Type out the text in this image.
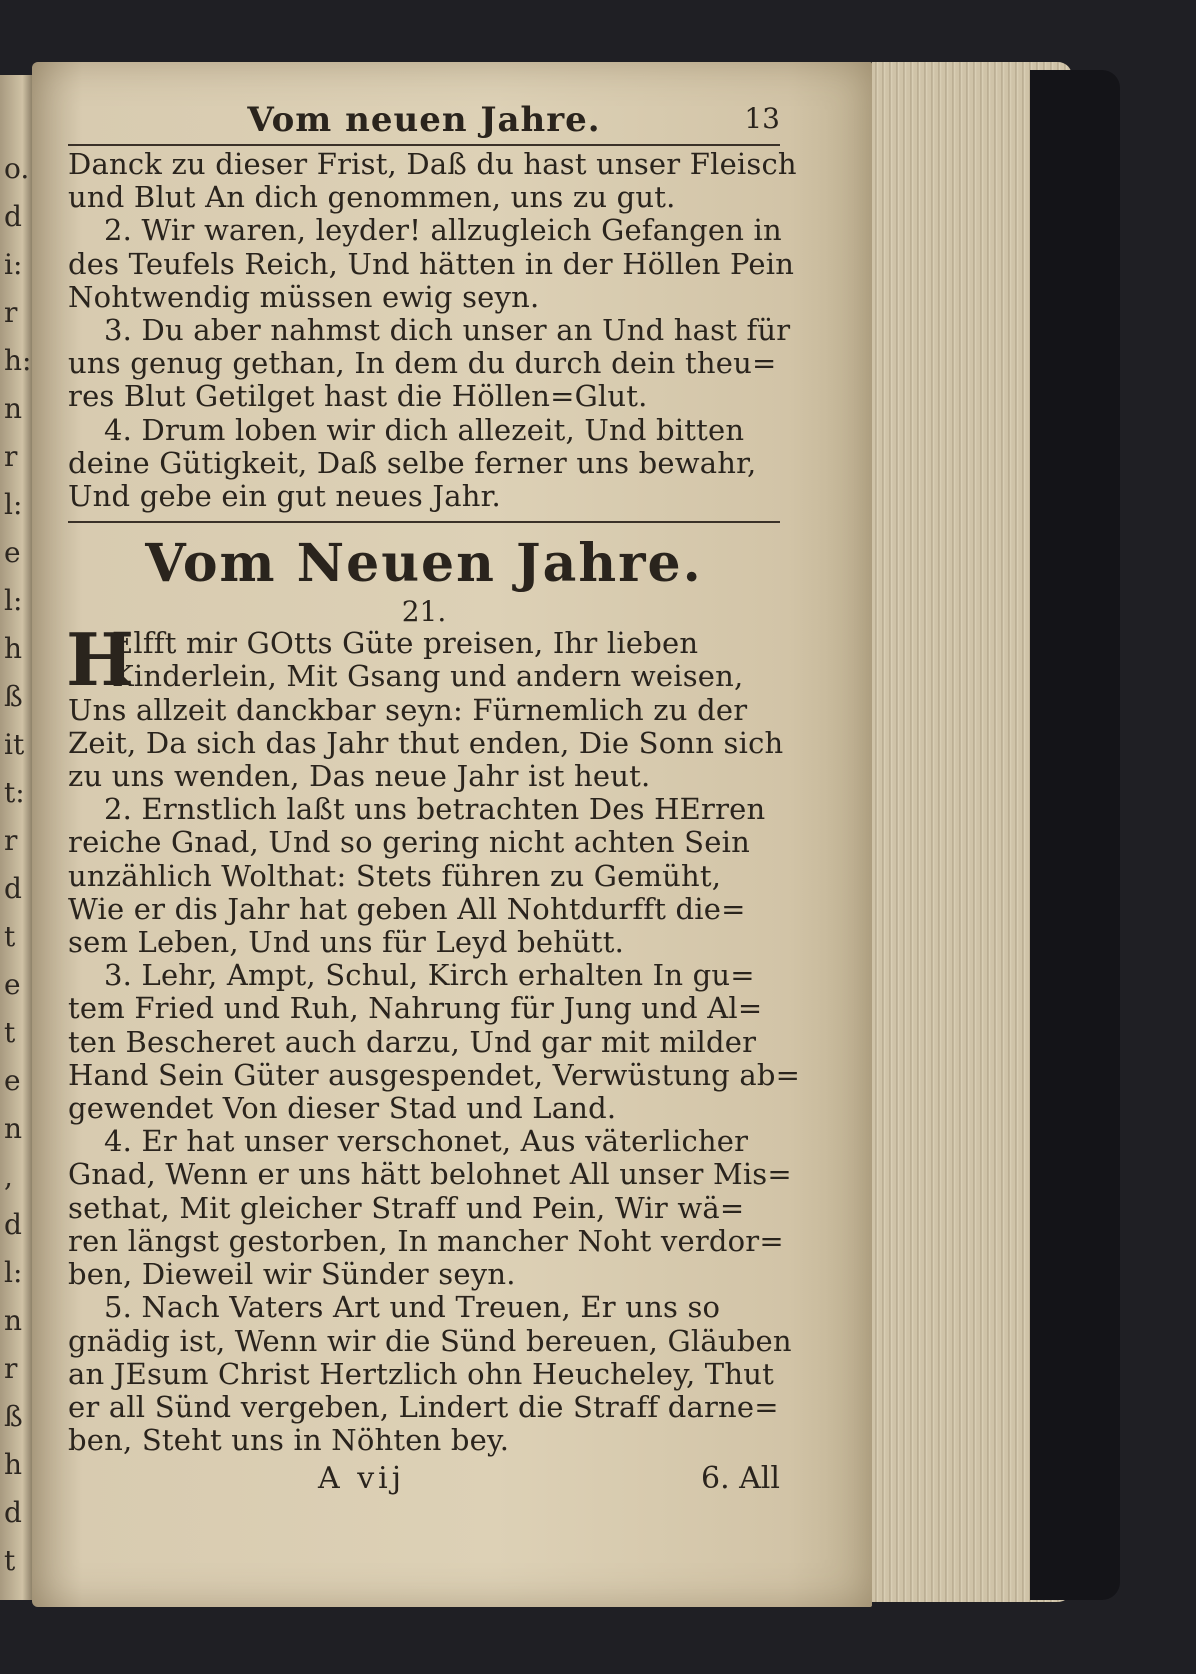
o.
d
i:
r
h:
n
r
l:
e
l:
h
ß
it
t:
r
d
t
e
t
e
n
,
d
l:
n
r
ß
h
d
t
Vom neuen Jahre.	13
Danck zu dieser Frist, Daß du hast unser Fleisch
und Blut An dich genommen, uns zu gut.
2. Wir waren, leyder! allzugleich Gefangen in
des Teufels Reich, Und hätten in der Höllen Pein
Nohtwendig müssen ewig seyn.
3. Du aber nahmst dich unser an Und hast für
uns genug gethan, In dem du durch dein theu=
res Blut Getilget hast die Höllen=Glut.
4. Drum loben wir dich allezeit, Und bitten
deine Gütigkeit, Daß selbe ferner uns bewahr,
Und gebe ein gut neues Jahr.
Vom Neuen Jahre.
21.
H
Elfft mir GOtts Güte preisen, Ihr lieben
Kinderlein, Mit Gsang und andern weisen,
Uns allzeit danckbar seyn: Fürnemlich zu der
Zeit, Da sich das Jahr thut enden, Die Sonn sich
zu uns wenden, Das neue Jahr ist heut.
2. Ernstlich laßt uns betrachten Des HErren
reiche Gnad, Und so gering nicht achten Sein
unzählich Wolthat: Stets führen zu Gemüht,
Wie er dis Jahr hat geben All Nohtdurfft die=
sem Leben, Und uns für Leyd behütt.
3. Lehr, Ampt, Schul, Kirch erhalten In gu=
tem Fried und Ruh, Nahrung für Jung und Al=
ten Bescheret auch darzu, Und gar mit milder
Hand Sein Güter ausgespendet, Verwüstung ab=
gewendet Von dieser Stad und Land.
4. Er hat unser verschonet, Aus väterlicher
Gnad, Wenn er uns hätt belohnet All unser Mis=
sethat, Mit gleicher Straff und Pein, Wir wä=
ren längst gestorben, In mancher Noht verdor=
ben, Dieweil wir Sünder seyn.
5. Nach Vaters Art und Treuen, Er uns so
gnädig ist, Wenn wir die Sünd bereuen, Gläuben
an JEsum Christ Hertzlich ohn Heucheley, Thut
er all Sünd vergeben, Lindert die Straff darne=
ben, Steht uns in Nöhten bey.
A vij	6. All
